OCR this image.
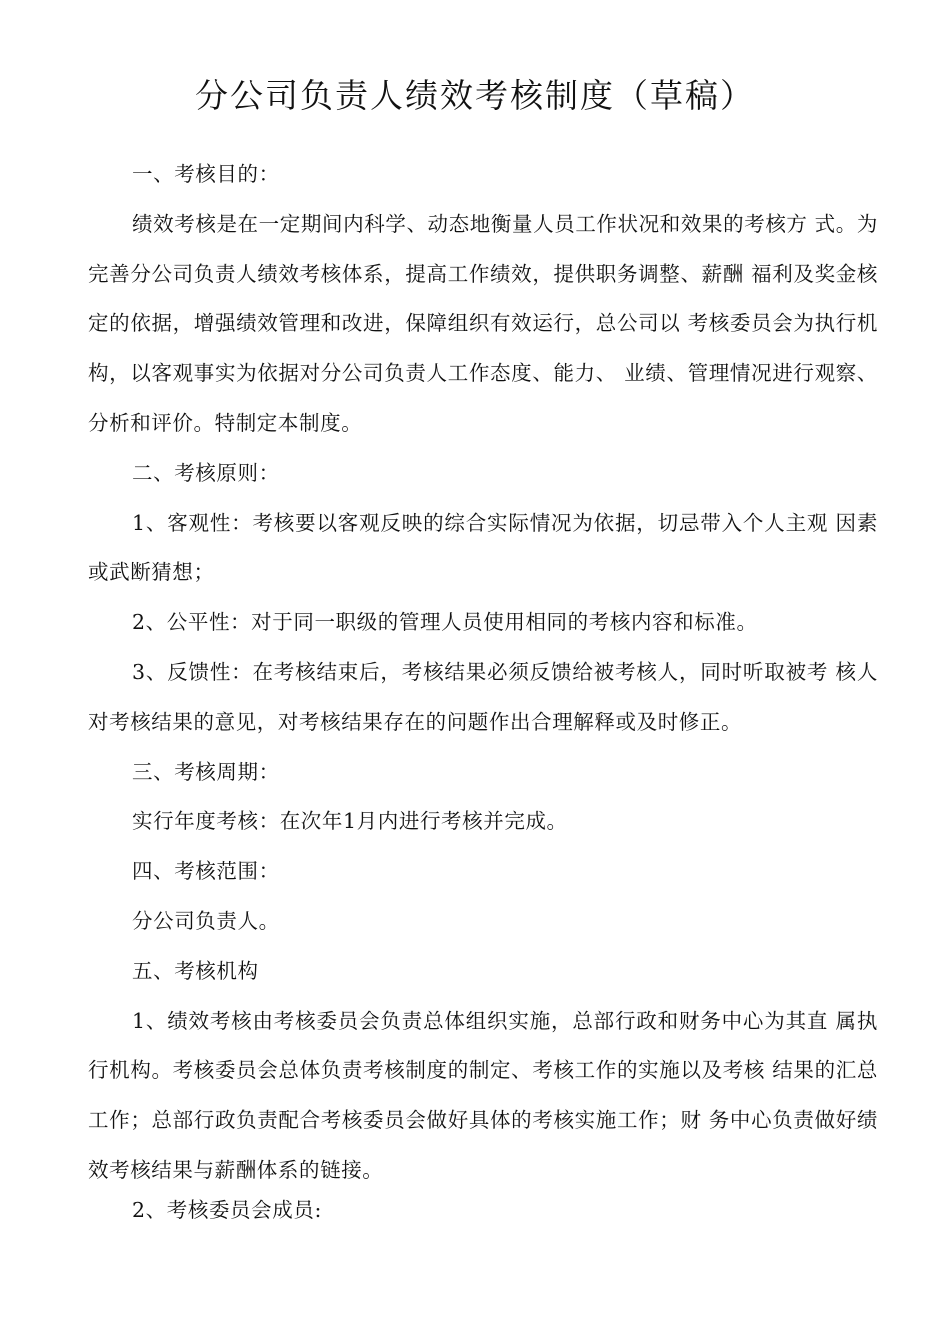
分公司负责人绩效考核制度（草稿）

一、考核目的：

绩效考核是在一定期间内科学、动态地衡量人员工作状况和效果的考核方 式。为完善分公司负责人绩效考核体系，提高工作绩效，提供职务调整、薪酬 福利及奖金核定的依据，增强绩效管理和改进，保障组织有效运行，总公司以 考核委员会为执行机构，以客观事实为依据对分公司负责人工作态度、能力、 业绩、管理情况进行观察、分析和评价。特制定本制度。

二、考核原则：

1、客观性：考核要以客观反映的综合实际情况为依据，切忌带入个人主观 因素或武断猜想；

2、公平性：对于同一职级的管理人员使用相同的考核内容和标准。

3、反馈性：在考核结束后，考核结果必须反馈给被考核人，同时听取被考 核人对考核结果的意见，对考核结果存在的问题作出合理解释或及时修正。

三、考核周期：

实行年度考核：在次年1月内进行考核并完成。

四、考核范围：

分公司负责人。

五、考核机构

1、绩效考核由考核委员会负责总体组织实施，总部行政和财务中心为其直 属执行机构。考核委员会总体负责考核制度的制定、考核工作的实施以及考核 结果的汇总工作；总部行政负责配合考核委员会做好具体的考核实施工作；财 务中心负责做好绩效考核结果与薪酬体系的链接。

2、考核委员会成员:
